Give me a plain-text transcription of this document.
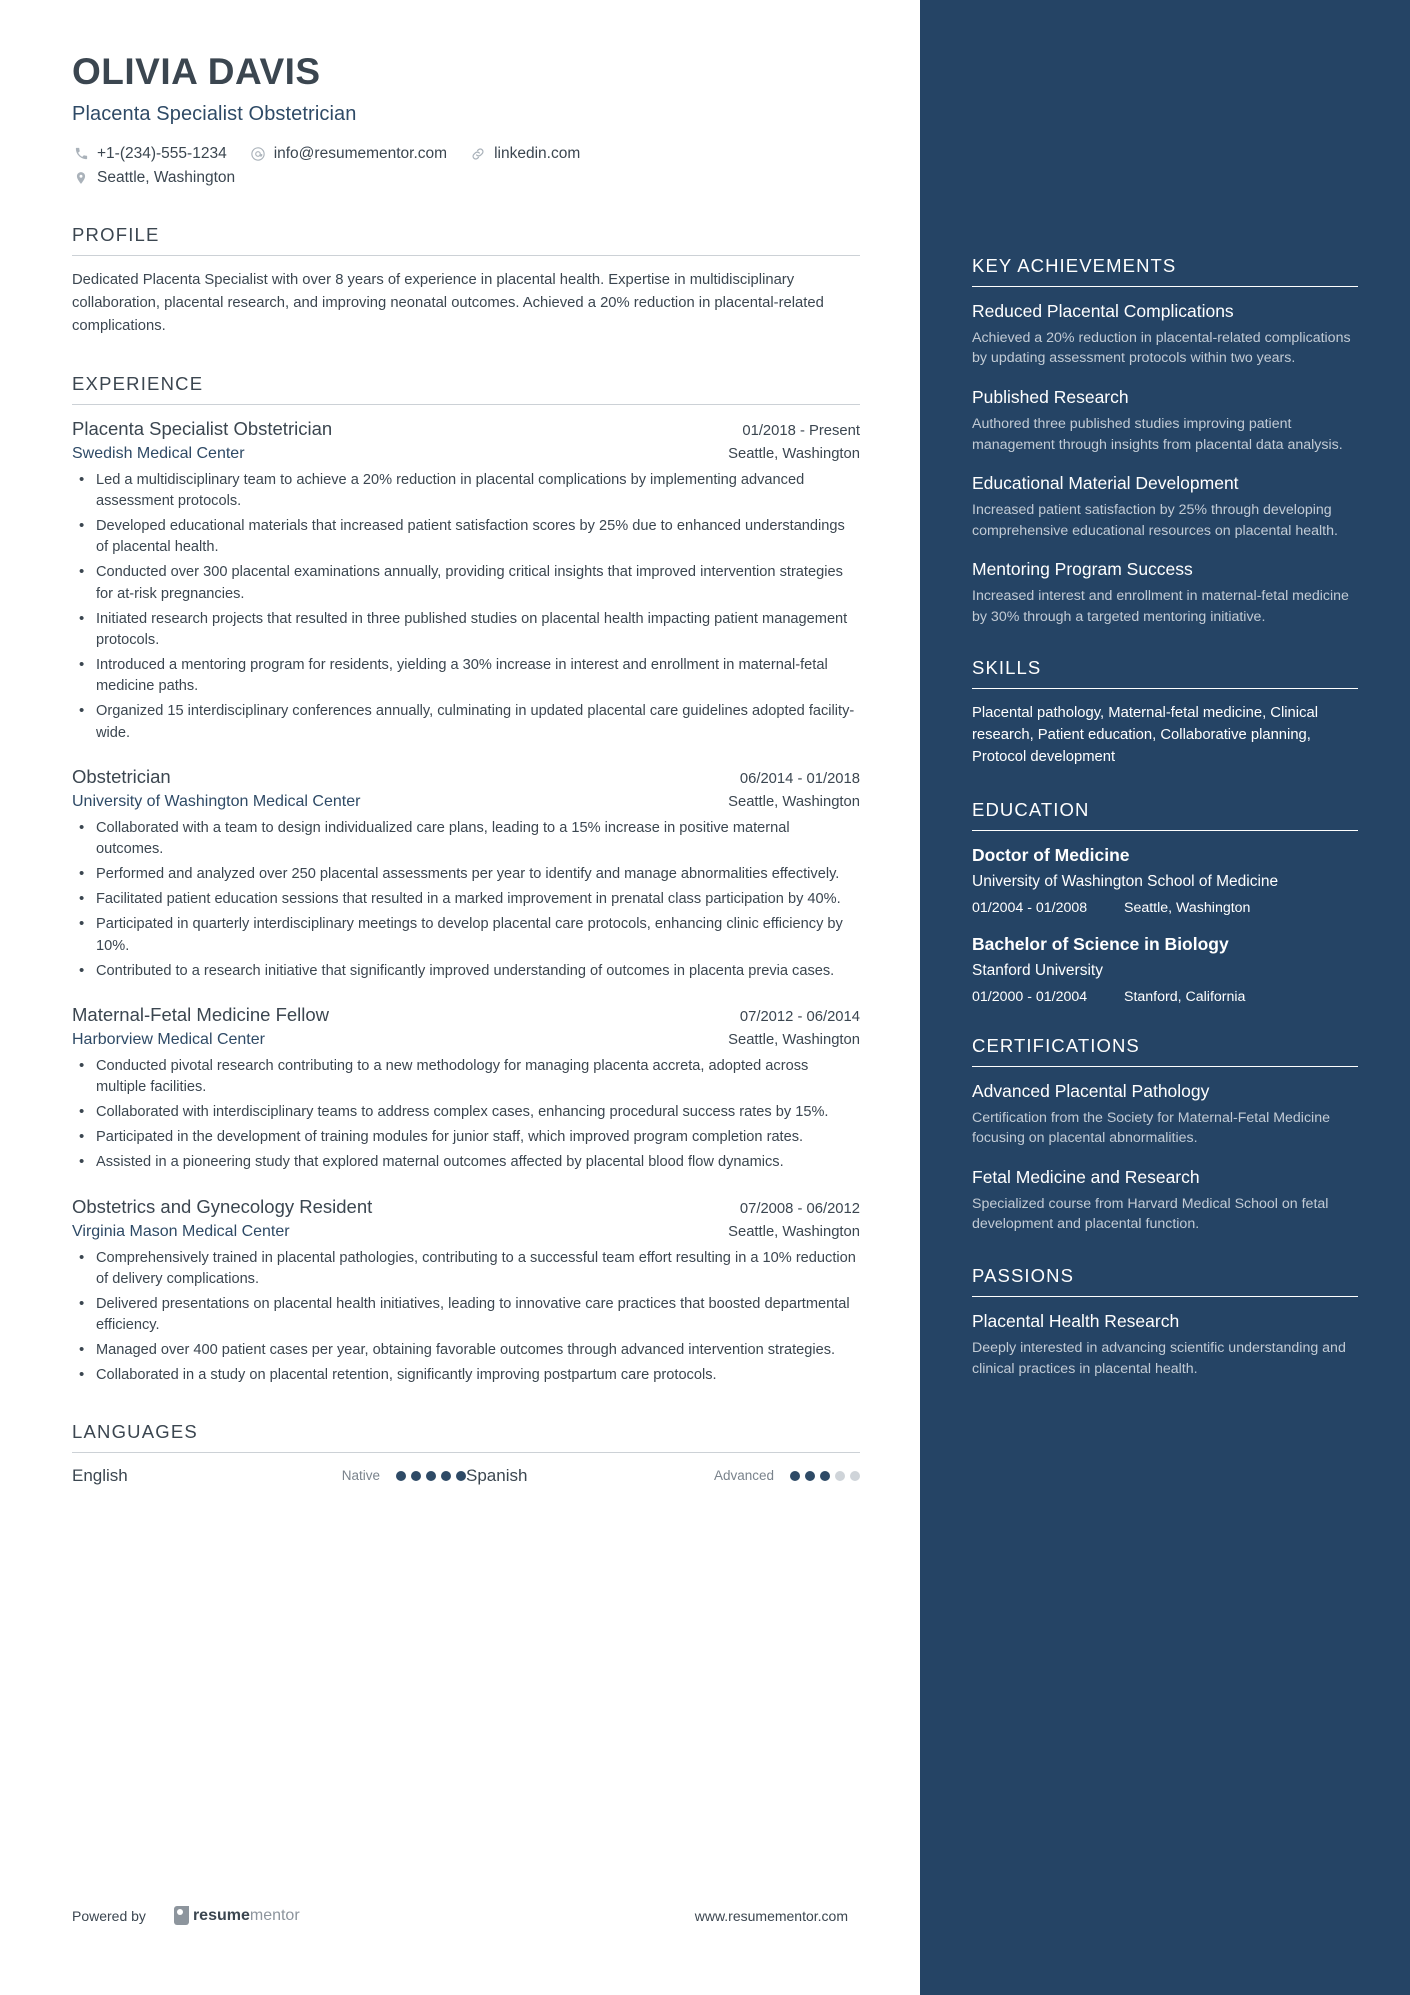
OLIVIA DAVIS
Placenta Specialist Obstetrician
+1-(234)-555-1234	info@resumementor.com	linkedin.com
Seattle, Washington
PROFILE
Dedicated Placenta Specialist with over 8 years of experience in placental health. Expertise in multidisciplinary collaboration, placental research, and improving neonatal outcomes. Achieved a 20% reduction in placental-related complications.
EXPERIENCE
Placenta Specialist Obstetrician	01/2018 - Present
Swedish Medical Center	Seattle, Washington
• Led a multidisciplinary team to achieve a 20% reduction in placental complications by implementing advanced assessment protocols.
• Developed educational materials that increased patient satisfaction scores by 25% due to enhanced understandings of placental health.
• Conducted over 300 placental examinations annually, providing critical insights that improved intervention strategies for at-risk pregnancies.
• Initiated research projects that resulted in three published studies on placental health impacting patient management protocols.
• Introduced a mentoring program for residents, yielding a 30% increase in interest and enrollment in maternal-fetal medicine paths.
• Organized 15 interdisciplinary conferences annually, culminating in updated placental care guidelines adopted facility-wide.
Obstetrician	06/2014 - 01/2018
University of Washington Medical Center	Seattle, Washington
• Collaborated with a team to design individualized care plans, leading to a 15% increase in positive maternal outcomes.
• Performed and analyzed over 250 placental assessments per year to identify and manage abnormalities effectively.
• Facilitated patient education sessions that resulted in a marked improvement in prenatal class participation by 40%.
• Participated in quarterly interdisciplinary meetings to develop placental care protocols, enhancing clinic efficiency by 10%.
• Contributed to a research initiative that significantly improved understanding of outcomes in placenta previa cases.
Maternal-Fetal Medicine Fellow	07/2012 - 06/2014
Harborview Medical Center	Seattle, Washington
• Conducted pivotal research contributing to a new methodology for managing placenta accreta, adopted across multiple facilities.
• Collaborated with interdisciplinary teams to address complex cases, enhancing procedural success rates by 15%.
• Participated in the development of training modules for junior staff, which improved program completion rates.
• Assisted in a pioneering study that explored maternal outcomes affected by placental blood flow dynamics.
Obstetrics and Gynecology Resident	07/2008 - 06/2012
Virginia Mason Medical Center	Seattle, Washington
• Comprehensively trained in placental pathologies, contributing to a successful team effort resulting in a 10% reduction of delivery complications.
• Delivered presentations on placental health initiatives, leading to innovative care practices that boosted departmental efficiency.
• Managed over 400 patient cases per year, obtaining favorable outcomes through advanced intervention strategies.
• Collaborated in a study on placental retention, significantly improving postpartum care protocols.
LANGUAGES
English	Native	Spanish	Advanced
Powered by	resume mentor	www.resumementor.com
KEY ACHIEVEMENTS
Reduced Placental Complications
Achieved a 20% reduction in placental-related complications by updating assessment protocols within two years.
Published Research
Authored three published studies improving patient management through insights from placental data analysis.
Educational Material Development
Increased patient satisfaction by 25% through developing comprehensive educational resources on placental health.
Mentoring Program Success
Increased interest and enrollment in maternal-fetal medicine by 30% through a targeted mentoring initiative.
SKILLS
Placental pathology, Maternal-fetal medicine, Clinical research, Patient education, Collaborative planning, Protocol development
EDUCATION
Doctor of Medicine
University of Washington School of Medicine
01/2004 - 01/2008	Seattle, Washington
Bachelor of Science in Biology
Stanford University
01/2000 - 01/2004	Stanford, California
CERTIFICATIONS
Advanced Placental Pathology
Certification from the Society for Maternal-Fetal Medicine focusing on placental abnormalities.
Fetal Medicine and Research
Specialized course from Harvard Medical School on fetal development and placental function.
PASSIONS
Placental Health Research
Deeply interested in advancing scientific understanding and clinical practices in placental health.
